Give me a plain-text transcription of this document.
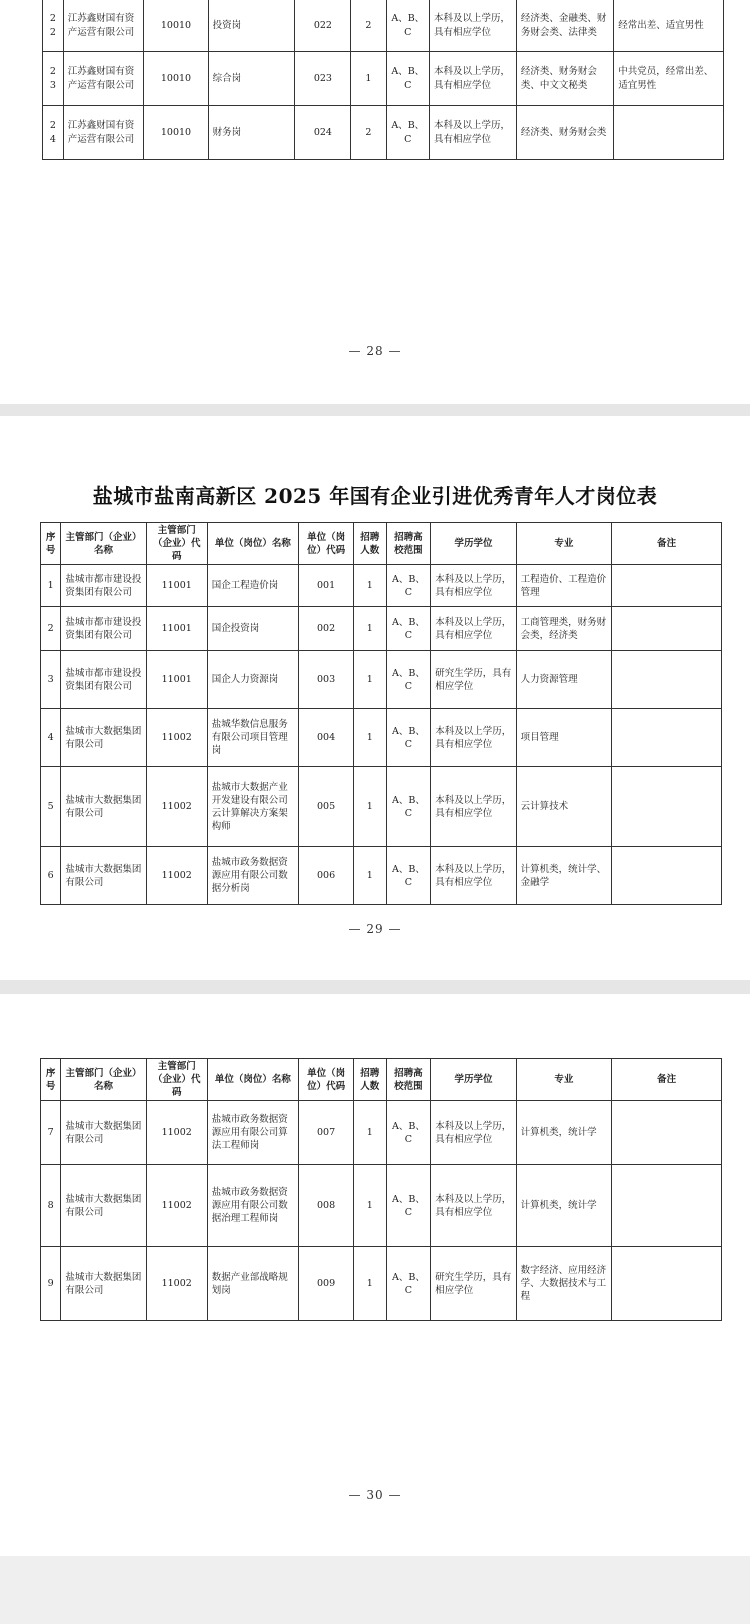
22	江苏鑫财国有资产运营有限公司	10010	投资岗	022	2	A、B、C	本科及以上学历，具有相应学位	经济类、金融类、财务财会类、法律类	经常出差、适宜男性
23	江苏鑫财国有资产运营有限公司	10010	综合岗	023	1	A、B、C	本科及以上学历，具有相应学位	经济类、财务财会类、中文文秘类	中共党员，经常出差、适宜男性
24	江苏鑫财国有资产运营有限公司	10010	财务岗	024	2	A、B、C	本科及以上学历，具有相应学位	经济类、财务财会类	
— 28 —
盐城市盐南高新区 2025 年国有企业引进优秀青年人才岗位表
序号	主管部门（企业）名称	主管部门（企业）代码	单位（岗位）名称	单位（岗位）代码	招聘人数	招聘高校范围	学历学位	专业	备注
1	盐城市都市建设投资集团有限公司	11001	国企工程造价岗	001	1	A、B、C	本科及以上学历，具有相应学位	工程造价、工程造价管理	
2	盐城市都市建设投资集团有限公司	11001	国企投资岗	002	1	A、B、C	本科及以上学历，具有相应学位	工商管理类，财务财会类，经济类	
3	盐城市都市建设投资集团有限公司	11001	国企人力资源岗	003	1	A、B、C	研究生学历，具有相应学位	人力资源管理	
4	盐城市大数据集团有限公司	11002	盐城华数信息服务有限公司项目管理岗	004	1	A、B、C	本科及以上学历，具有相应学位	项目管理	
5	盐城市大数据集团有限公司	11002	盐城市大数据产业开发建设有限公司云计算解决方案架构师	005	1	A、B、C	本科及以上学历，具有相应学位	云计算技术	
6	盐城市大数据集团有限公司	11002	盐城市政务数据资源应用有限公司数据分析岗	006	1	A、B、C	本科及以上学历，具有相应学位	计算机类，统计学、金融学	
— 29 —
序号	主管部门（企业）名称	主管部门（企业）代码	单位（岗位）名称	单位（岗位）代码	招聘人数	招聘高校范围	学历学位	专业	备注
7	盐城市大数据集团有限公司	11002	盐城市政务数据资源应用有限公司算法工程师岗	007	1	A、B、C	本科及以上学历，具有相应学位	计算机类，统计学	
8	盐城市大数据集团有限公司	11002	盐城市政务数据资源应用有限公司数据治理工程师岗	008	1	A、B、C	本科及以上学历，具有相应学位	计算机类，统计学	
9	盐城市大数据集团有限公司	11002	数据产业部战略规划岗	009	1	A、B、C	研究生学历，具有相应学位	数字经济、应用经济学、大数据技术与工程	
— 30 —
